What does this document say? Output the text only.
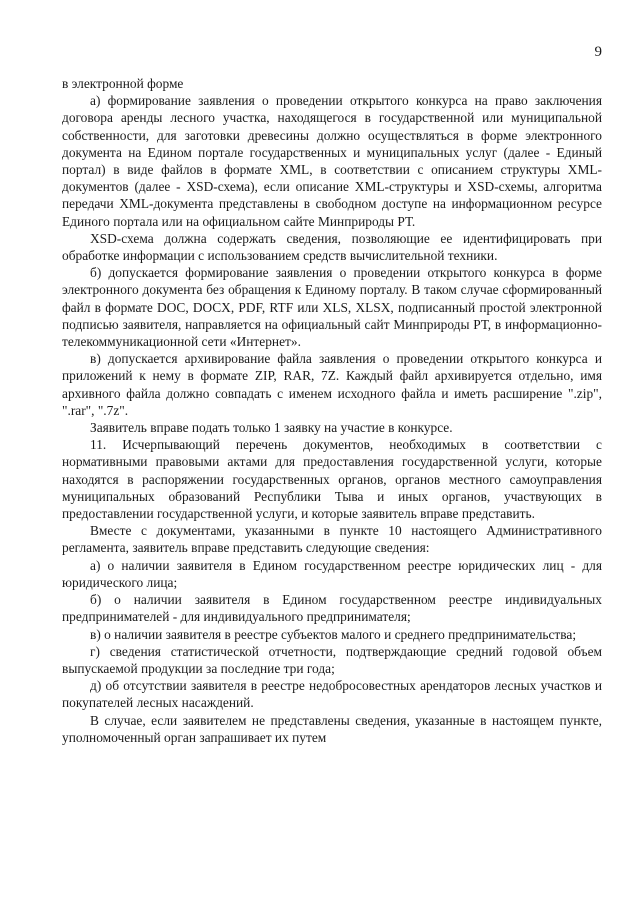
9

в электронной форме

а) формирование заявления о проведении открытого конкурса на право заключения договора аренды лесного участка, находящегося в государственной или муниципальной собственности, для заготовки древесины должно осуществляться в форме электронного документа на Едином портале государственных и муниципальных услуг (далее - Единый портал) в виде файлов в формате XML, в соответствии с описанием структуры XML-документов (далее - XSD-схема), если описание XML-структуры и XSD-схемы, алгоритма передачи XML-документа представлены в свободном доступе на информационном ресурсе Единого портала или на официальном сайте Минприроды РТ.

XSD-схема должна содержать сведения, позволяющие ее идентифицировать при обработке информации с использованием средств вычислительной техники.

б) допускается формирование заявления о проведении открытого конкурса в форме электронного документа без обращения к Единому порталу. В таком случае сформированный файл в формате DOC, DOCX, PDF, RTF или XLS, XLSX, подписанный простой электронной подписью заявителя, направляется на официальный сайт Минприроды РТ, в информационно-телекоммуникационной сети «Интернет».

в) допускается архивирование файла заявления о проведении открытого конкурса и приложений к нему в формате ZIP, RAR, 7Z. Каждый файл архивируется отдельно, имя архивного файла должно совпадать с именем исходного файла и иметь расширение ".zip", ".rar", ".7z".

Заявитель вправе подать только 1 заявку на участие в конкурсе.

11. Исчерпывающий перечень документов, необходимых в соответствии с нормативными правовыми актами для предоставления государственной услуги, которые находятся в распоряжении государственных органов, органов местного самоуправления муниципальных образований Республики Тыва и иных органов, участвующих в предоставлении государственной услуги, и которые заявитель вправе представить.

Вместе с документами, указанными в пункте 10 настоящего Административного регламента, заявитель вправе представить следующие сведения:

а) о наличии заявителя в Едином государственном реестре юридических лиц - для юридического лица;

б) о наличии заявителя в Едином государственном реестре индивидуальных предпринимателей - для индивидуального предпринимателя;

в) о наличии заявителя в реестре субъектов малого и среднего предпринимательства;

г) сведения статистической отчетности, подтверждающие средний годовой объем выпускаемой продукции за последние три года;

д) об отсутствии заявителя в реестре недобросовестных арендаторов лесных участков и покупателей лесных насаждений.

В случае, если заявителем не представлены сведения, указанные в настоящем пункте, уполномоченный орган запрашивает их путем
